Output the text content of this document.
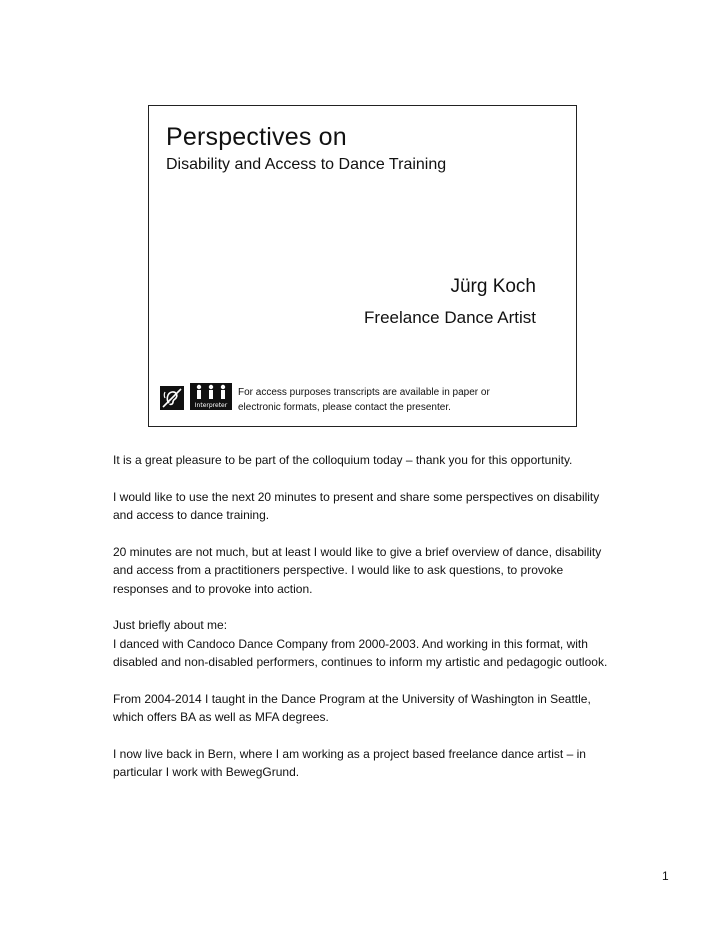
Perspectives on
Disability and Access to Dance Training

Jürg Koch

Freelance Dance Artist

Interpreter

For access purposes transcripts are available in paper or
electronic formats, please contact the presenter.

It is a great pleasure to be part of the colloquium today – thank you for this opportunity.

I would like to use the next 20 minutes to present and share some perspectives on disability and access to dance training.

20 minutes are not much, but at least I would like to give a brief overview of dance, disability and access from a practitioners perspective. I would like to ask questions, to provoke responses and to provoke into action.

Just briefly about me:

I danced with Candoco Dance Company from 2000-2003. And working in this format, with disabled and non-disabled performers, continues to inform my artistic and pedagogic outlook.

From 2004-2014 I taught in the Dance Program at the University of Washington in Seattle, which offers BA as well as MFA degrees.

I now live back in Bern, where I am working as a project based freelance dance artist – in particular I work with BewegGrund.

1
